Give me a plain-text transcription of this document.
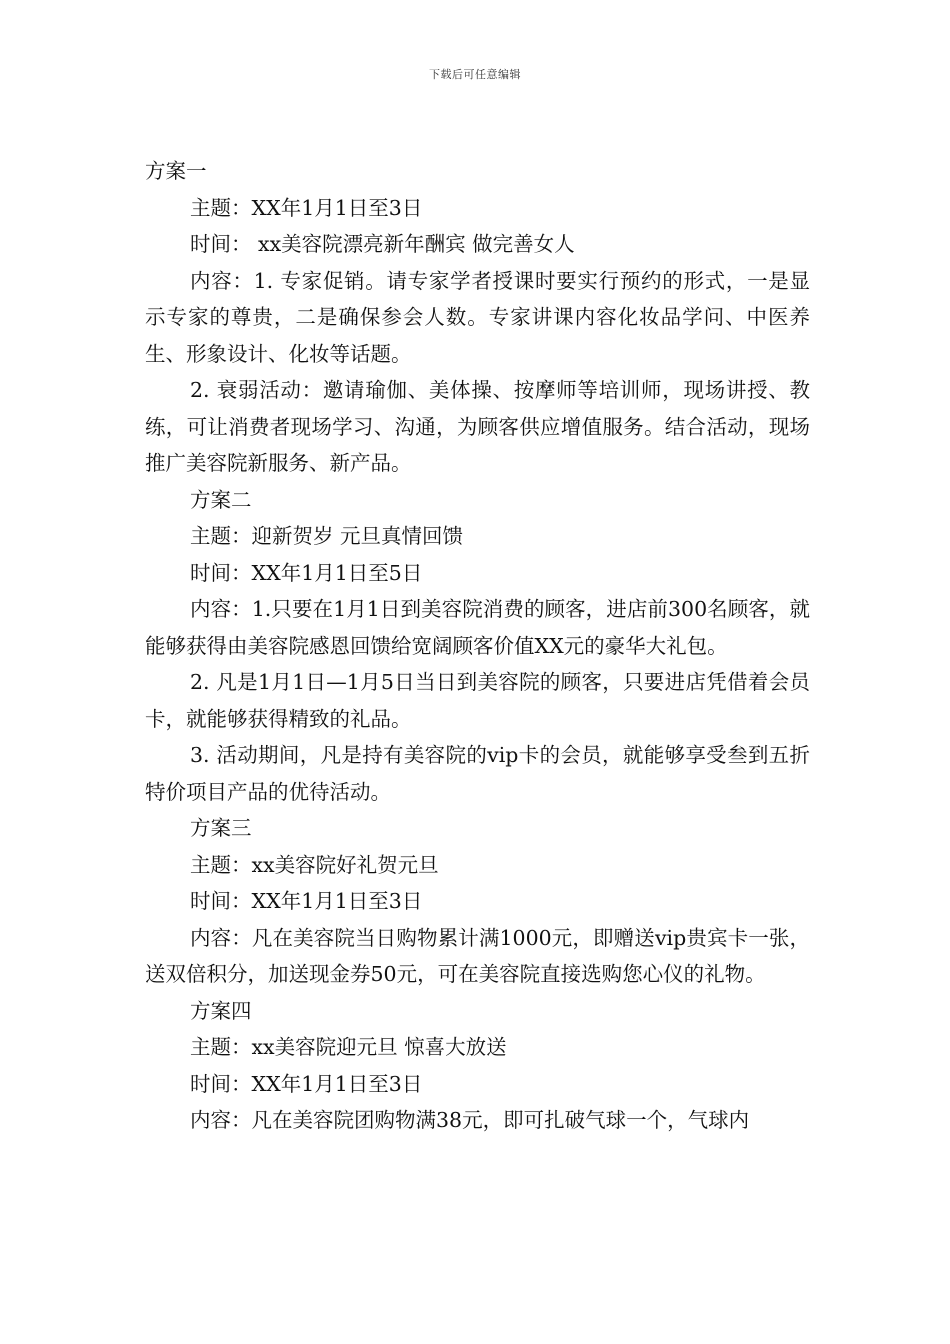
下载后可任意编辑

方案一

主题：XX年1月1日至3日

时间： xx美容院漂亮新年酬宾 做完善女人

内容：1. 专家促销。请专家学者授课时要实行预约的形式，一是显示专家的尊贵，二是确保参会人数。专家讲课内容化妆品学问、中医养生、形象设计、化妆等话题。

2. 衰弱活动：邀请瑜伽、美体操、按摩师等培训师，现场讲授、教练，可让消费者现场学习、沟通，为顾客供应增值服务。结合活动，现场推广美容院新服务、新产品。

方案二

主题：迎新贺岁 元旦真情回馈

时间：XX年1月1日至5日

内容：1.只要在1月1日到美容院消费的顾客，进店前300名顾客，就能够获得由美容院感恩回馈给宽阔顾客价值XX元的豪华大礼包。

2. 凡是1月1日—1月5日当日到美容院的顾客，只要进店凭借着会员卡，就能够获得精致的礼品。

3. 活动期间，凡是持有美容院的vip卡的会员，就能够享受叁到五折特价项目产品的优待活动。

方案三

主题：xx美容院好礼贺元旦

时间：XX年1月1日至3日

内容：凡在美容院当日购物累计满1000元，即赠送vip贵宾卡一张，送双倍积分，加送现金券50元，可在美容院直接选购您心仪的礼物。

方案四

主题：xx美容院迎元旦 惊喜大放送

时间：XX年1月1日至3日

内容：凡在美容院团购物满38元，即可扎破气球一个，气球内
